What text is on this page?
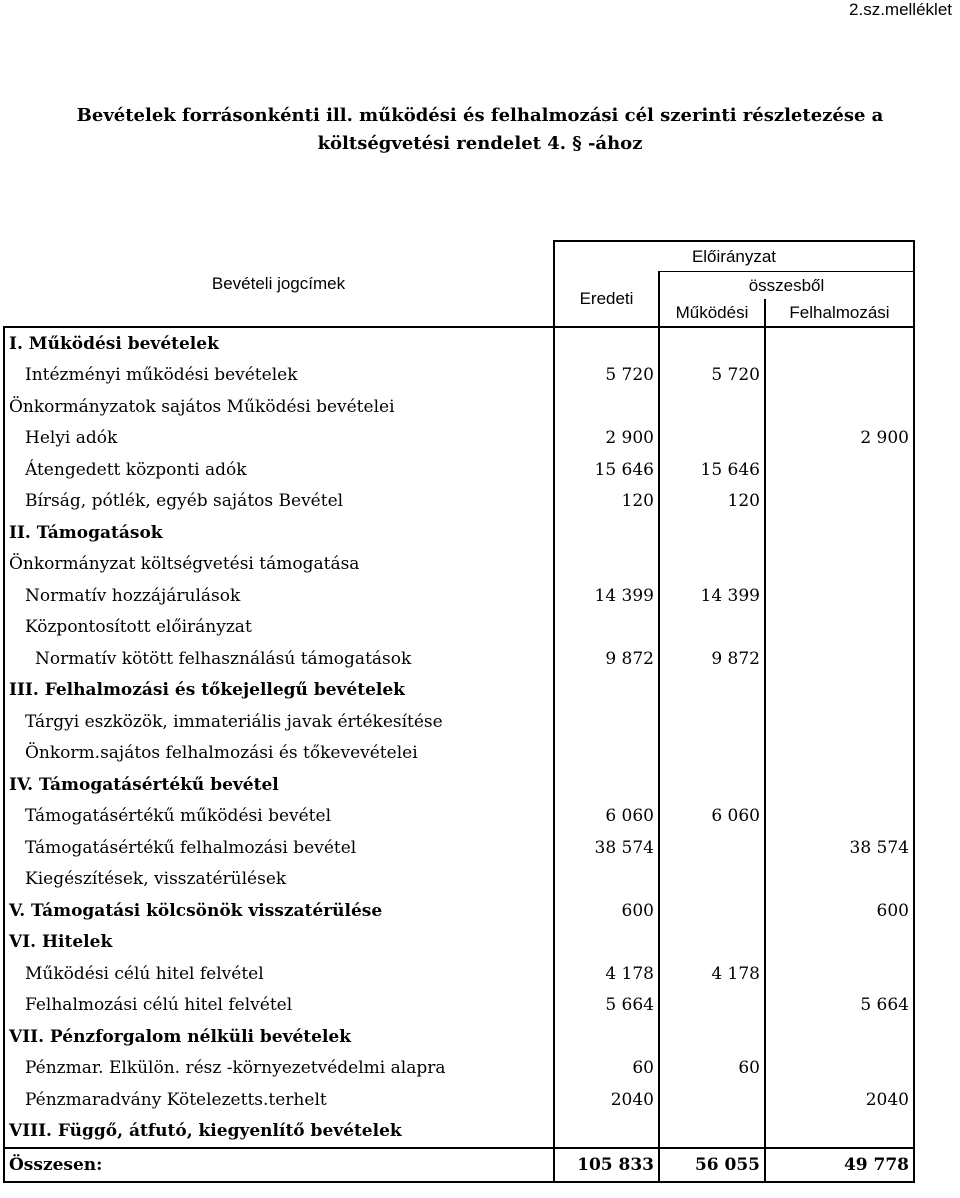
2.sz.melléklet
Bevételek forrásonkénti ill. működési és felhalmozási cél szerinti részletezése a
költségvetési rendelet 4. § -ához
Bevételi jogcímek	Előirányzat		
	Eredeti	összesből	
		Működési	Felhalmozási
I. Működési bevételek			
Intézményi működési bevételek	5 720	5 720	
Önkormányzatok sajátos Működési bevételei			
Helyi adók	2 900		2 900
Átengedett központi adók	15 646	15 646	
Bírság, pótlék, egyéb sajátos Bevétel	120	120	
II. Támogatások			
Önkormányzat költségvetési támogatása			
Normatív hozzájárulások	14 399	14 399	
Központosított előirányzat			
Normatív kötött felhasználású támogatások	9 872	9 872	
III. Felhalmozási és tőkejellegű bevételek			
Tárgyi eszközök, immateriális javak értékesítése			
Önkorm.sajátos felhalmozási és tőkevevételei			
IV. Támogatásértékű bevétel			
Támogatásértékű működési bevétel	6 060	6 060	
Támogatásértékű felhalmozási bevétel	38 574		38 574
Kiegészítések, visszatérülések			
V. Támogatási kölcsönök visszatérülése	600		600
VI. Hitelek			
Működési célú hitel felvétel	4 178	4 178	
Felhalmozási célú hitel felvétel	5 664		5 664
VII. Pénzforgalom nélküli bevételek			
Pénzmar. Elkülön. rész -környezetvédelmi alapra	60	60	
Pénzmaradvány Kötelezetts.terhelt	2040		2040
VIII. Függő, átfutó, kiegyenlítő bevételek			
Összesen:	105 833	56 055	49 778
